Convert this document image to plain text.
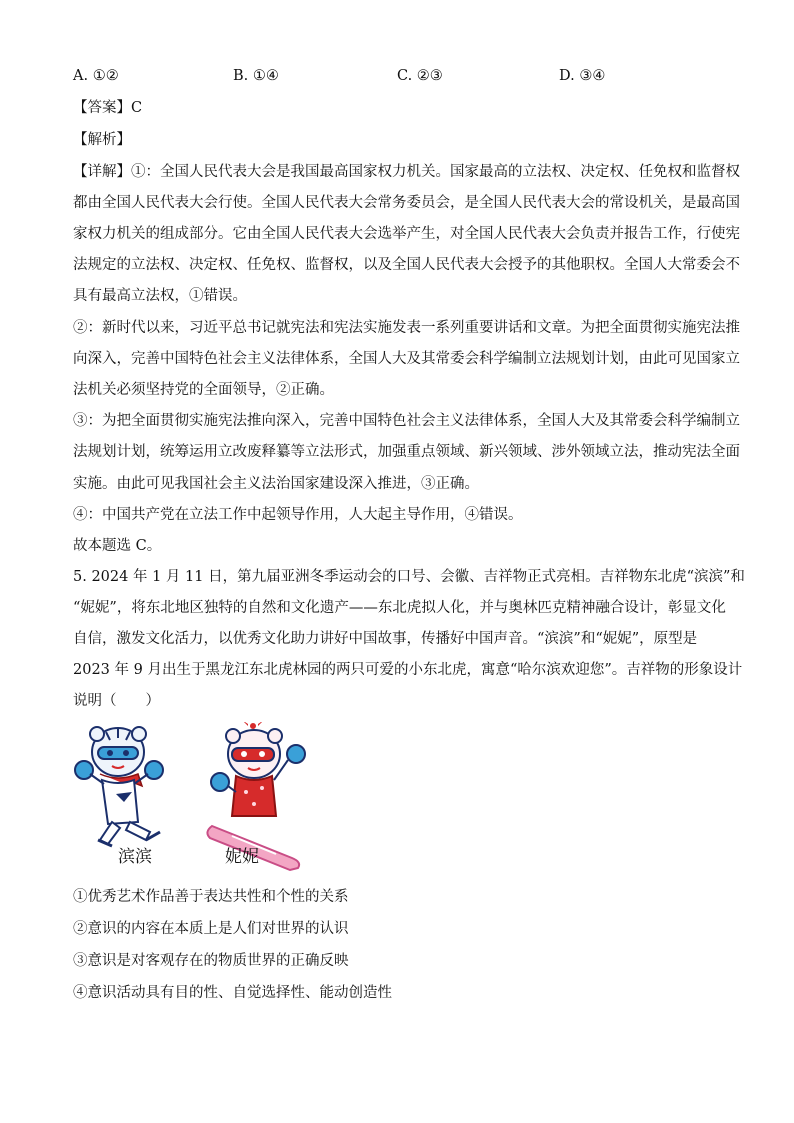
A. ①②	B. ①④	C. ②③	D. ③④
【答案】C
【解析】
【详解】①：全国人民代表大会是我国最高国家权力机关。国家最高的立法权、决定权、任免权和监督权
都由全国人民代表大会行使。全国人民代表大会常务委员会，是全国人民代表大会的常设机关，是最高国
家权力机关的组成部分。它由全国人民代表大会选举产生，对全国人民代表大会负责并报告工作，行使宪
法规定的立法权、决定权、任免权、监督权，以及全国人民代表大会授予的其他职权。全国人大常委会不
具有最高立法权，①错误。
②：新时代以来，习近平总书记就宪法和宪法实施发表一系列重要讲话和文章。为把全面贯彻实施宪法推
向深入，完善中国特色社会主义法律体系，全国人大及其常委会科学编制立法规划计划，由此可见国家立
法机关必须坚持党的全面领导，②正确。
③：为把全面贯彻实施宪法推向深入，完善中国特色社会主义法律体系，全国人大及其常委会科学编制立
法规划计划，统筹运用立改废释纂等立法形式，加强重点领域、新兴领域、涉外领域立法，推动宪法全面
实施。由此可见我国社会主义法治国家建设深入推进，③正确。
④：中国共产党在立法工作中起领导作用，人大起主导作用，④错误。
故本题选 C。
5. 2024 年 1 月 11 日，第九届亚洲冬季运动会的口号、会徽、吉祥物正式亮相。吉祥物东北虎“滨滨”和
“妮妮”，将东北地区独特的自然和文化遗产——东北虎拟人化，并与奥林匹克精神融合设计，彰显文化
自信，激发文化活力，以优秀文化助力讲好中国故事，传播好中国声音。“滨滨”和“妮妮”，原型是
2023 年 9 月出生于黑龙江东北虎林园的两只可爱的小东北虎，寓意“哈尔滨欢迎您”。吉祥物的形象设计
说明（　　）
滨滨	妮妮
①优秀艺术作品善于表达共性和个性的关系
②意识的内容在本质上是人们对世界的认识
③意识是对客观存在的物质世界的正确反映
④意识活动具有目的性、自觉选择性、能动创造性
